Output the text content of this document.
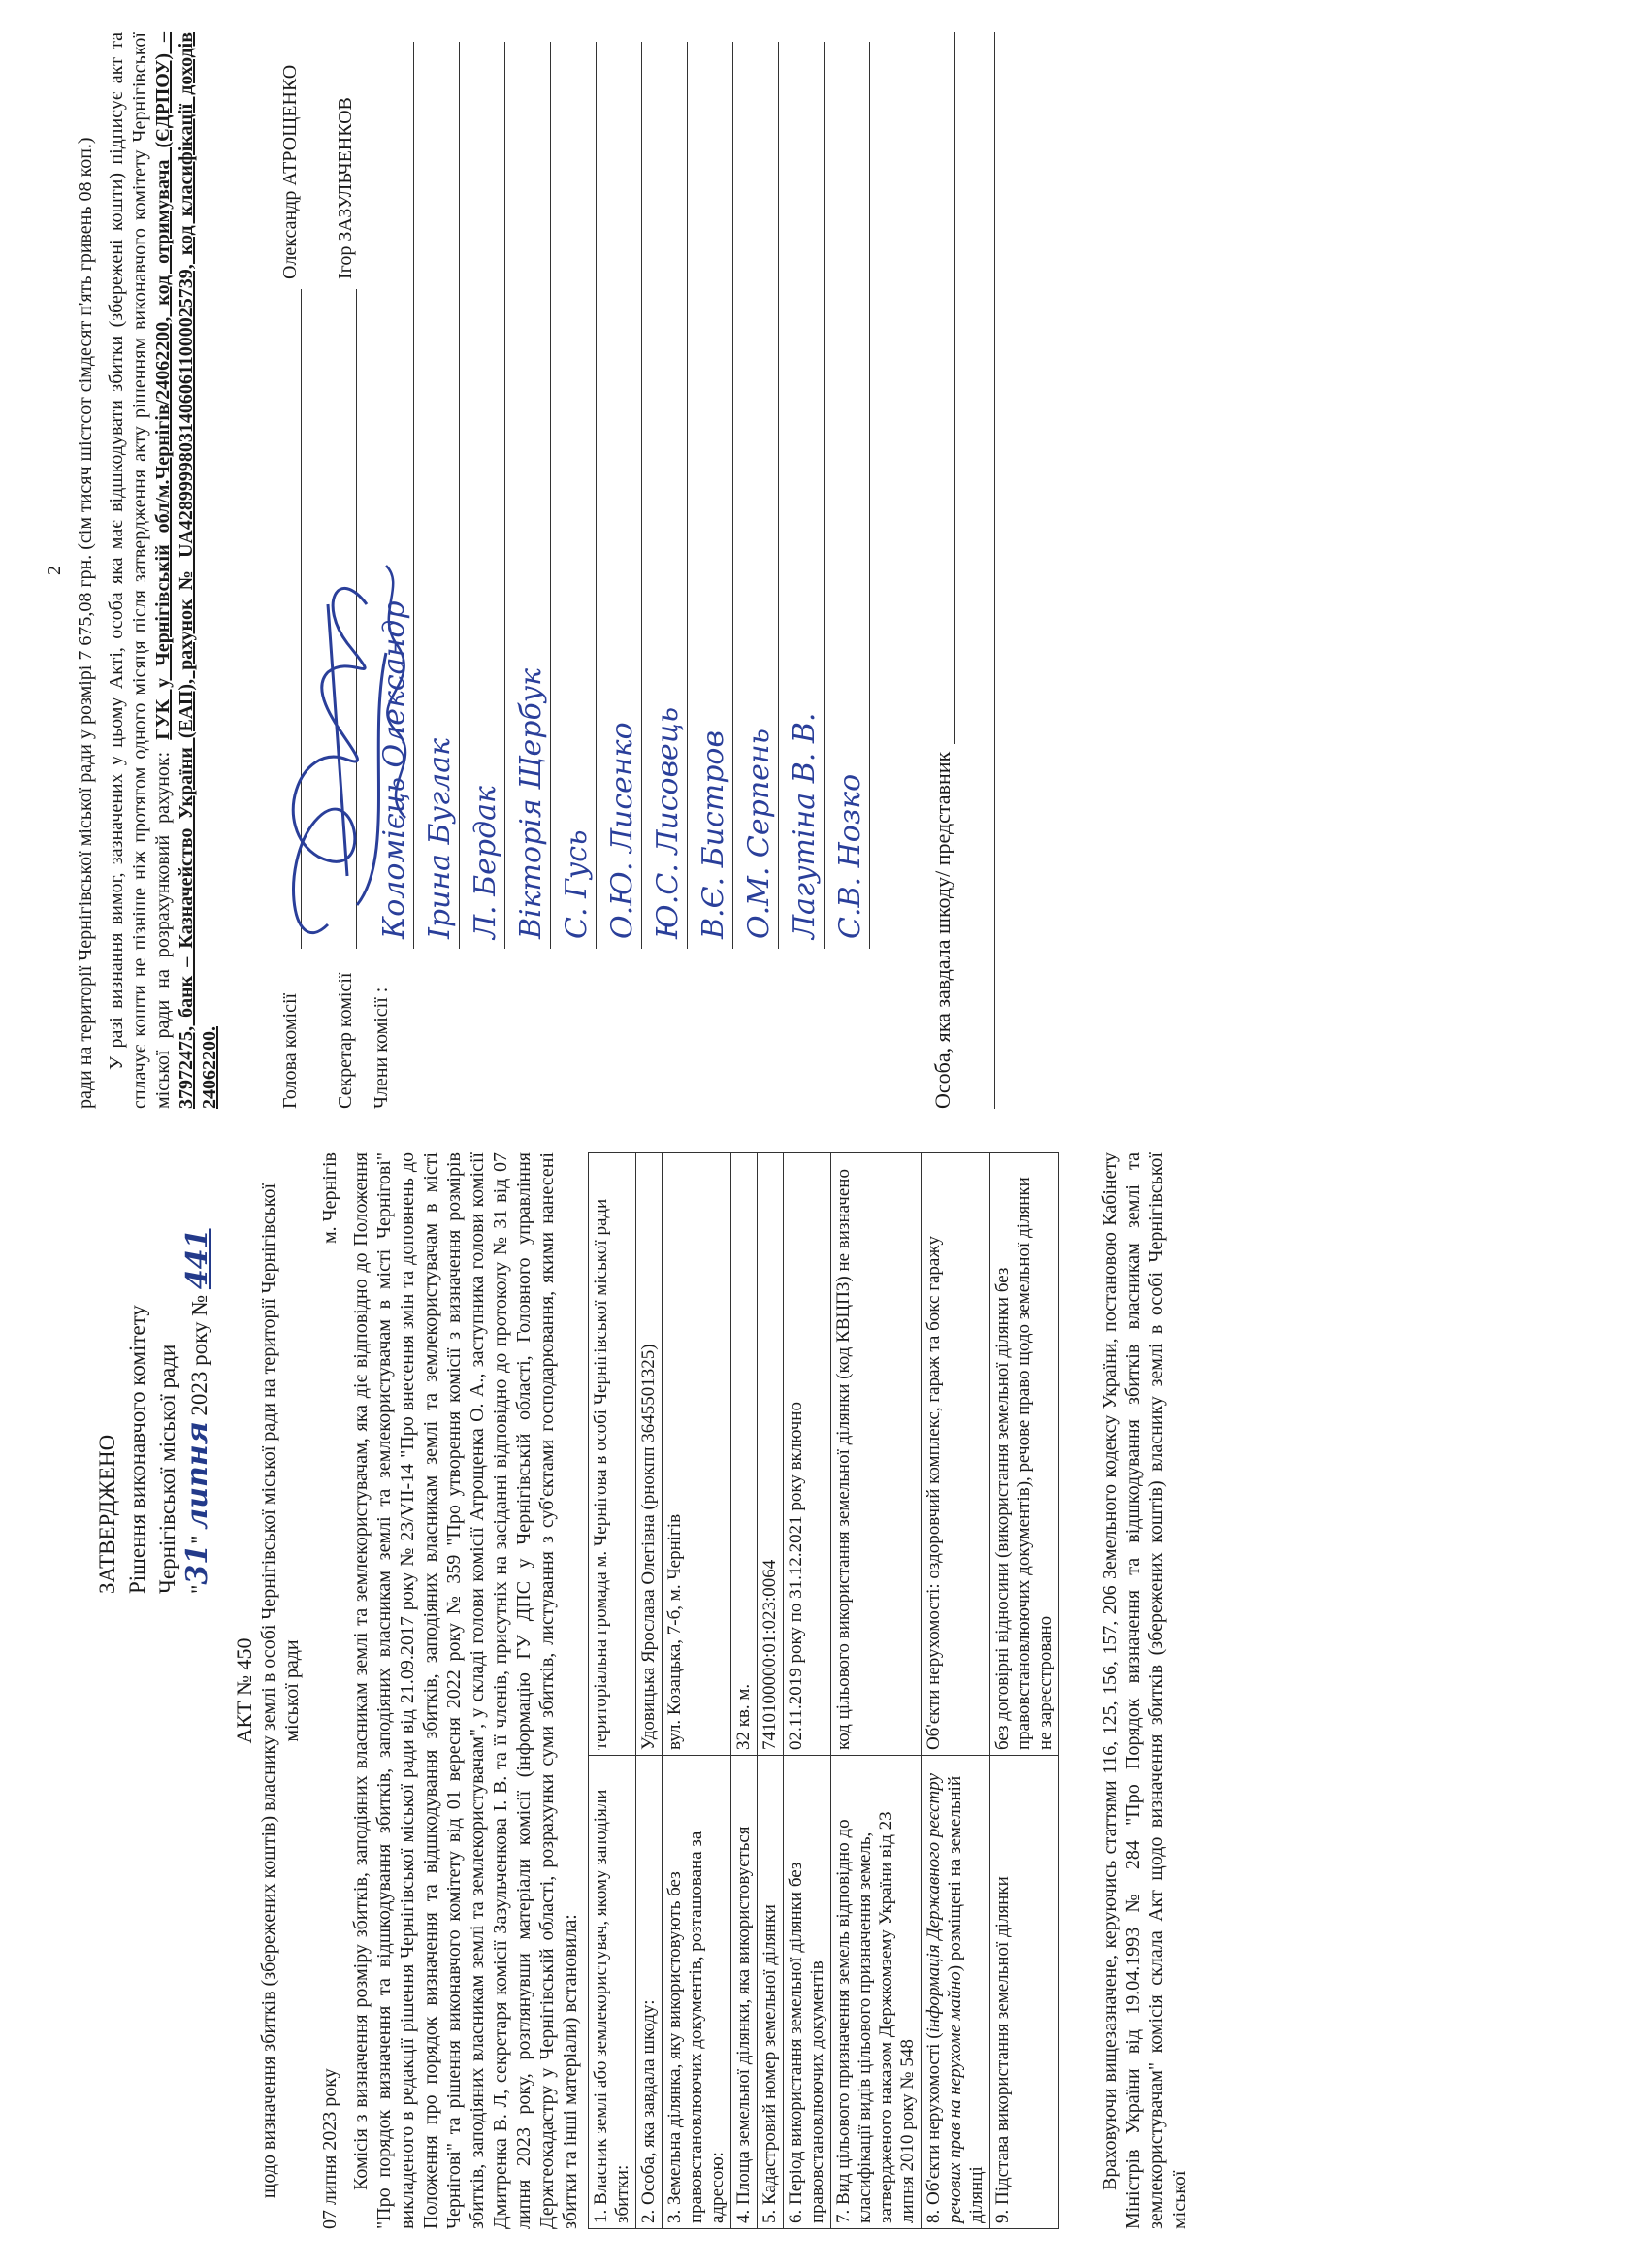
ЗАТВЕРДЖЕНО Рішення виконавчого комітету Чернігівської міської ради "31" липня 2023 року № 441
АКТ № 450 щодо визначення збитків (збережених коштів) власнику землі в особі Чернігівської міської ради на території Чернігівської міської ради
07 липня 2023 року
м. Чернігів Комісія з визначення розміру збитків, заподіяних власникам землі та землекористувачам, яка діє відповідно до Положення "Про порядок визначення та відшкодування збитків, заподіяних власникам землі та землекористувачам в місті Чернігові" викладеного в редакції рішення Чернігівської міської ради від 21.09.2017 року № 23/VII-14 "Про внесення змін та доповнень до Положення про порядок визначення та відшкодування збитків, заподіяних власникам землі та землекористувачам в місті Чернігові" та рішення виконавчого комітету від 01 вересня 2022 року № 359 "Про утворення комісії з визначення розмірів збитків, заподіяних власникам землі та землекористувачам", у складі голови комісії Атрощенка О. А., заступника голови комісії Дмитренка В. Л, секретаря комісії Зазульченкова І. В. та її членів, присутніх на засіданні відповідно до протоколу № 31 від 07 липня 2023 року, розглянувши матеріали комісії (інформацію ГУ ДПС у Чернігівській області, Головного управління Держгеокадастру у Чернігівській області, розрахунки суми збитків, листування з суб'єктами господарювання, якими нанесені збитки та інші матеріали) встановила: 1. Власник землі або землекористувач, якому заподіяли збитки:	територіальна громада м. Чернігова в особі Чернігівської міської ради
2. Особа, яка завдала шкоду:	Удовицька Ярослава Олегівна (рнокпп 3645501325)
3. Земельна ділянка, яку використовують без правовстановлюючих документів, розташована за адресою:	вул. Козацька, 7-б, м. Чернігів
4. Площа земельної ділянки, яка використовується	32 кв. м.
5. Кадастровий номер земельної ділянки	7410100000:01:023:0064
6. Період використання земельної ділянки без правовстановлюючих документів	02.11.2019 року по 31.12.2021 року включно
7. Вид цільового призначення земель відповідно до класифікації видів цільового призначення земель, затвердженого наказом Держкомзему України від 23 липня 2010 року № 548	код цільового використання земельної ділянки (код КВЦПЗ) не визначено
8. Об'єкти нерухомості (інформація Державного реєстру речових прав на нерухоме майно) розміщені на земельній ділянці	Об'єкти нерухомості: оздоровчий комплекс, гараж та бокс гаражу
9. Підстава використання земельної ділянки	без договірні відносини (використання земельної ділянки без правовстановлюючих документів), речове право щодо земельної ділянки не зареєстровано Враховуючи вищезазначене, керуючись статтями 116, 125, 156, 157, 206 Земельного кодексу України, постановою Кабінету Міністрів України від 19.04.1993 № 284 "Про Порядок визначення та відшкодування збитків власникам землі та землекористувачам" комісія склала Акт щодо визначення збитків (збережених коштів) власнику землі в особі Чернігівської міської

2 ради на території Чернігівської міської ради у розмірі 7 675,08 грн. (сім тисяч шістсот сімдесят п'ять гривень 08 коп.) У разі визнання вимог, зазначених у цьому Акті, особа яка має відшкодувати збитки (збережені кошти) підписує акт та сплачує кошти не пізніше ніж протягом одного місяця після затвердження акту рішенням виконавчого комітету Чернігівської міської ради на розрахунковий рахунок: ГУК у Чернігівській обл/м.Чернігів/24062200, код отримувача (ЄДРПОУ) – 37972475, банк – Казначейство України (ЕАП), рахунок № UA428999980314060611000025739, код класифікації доходів 24062200.	Голова комісії
Олександр АТРОЩЕНКО
Секретар комісії
Ігор ЗАЗУЛЬЧЕНКОВ
Члени комісії :
Коломієць Олександр Ірина Буглак Л. Бердак Вікторія Щербук С. Гусь О.Ю. Лисенко Ю.С. Лисовець В.Є. Бистров О.М. Серпень Лагутіна В. В. С.В. Нозко	Особа, яка завдала шкоду/ представник
